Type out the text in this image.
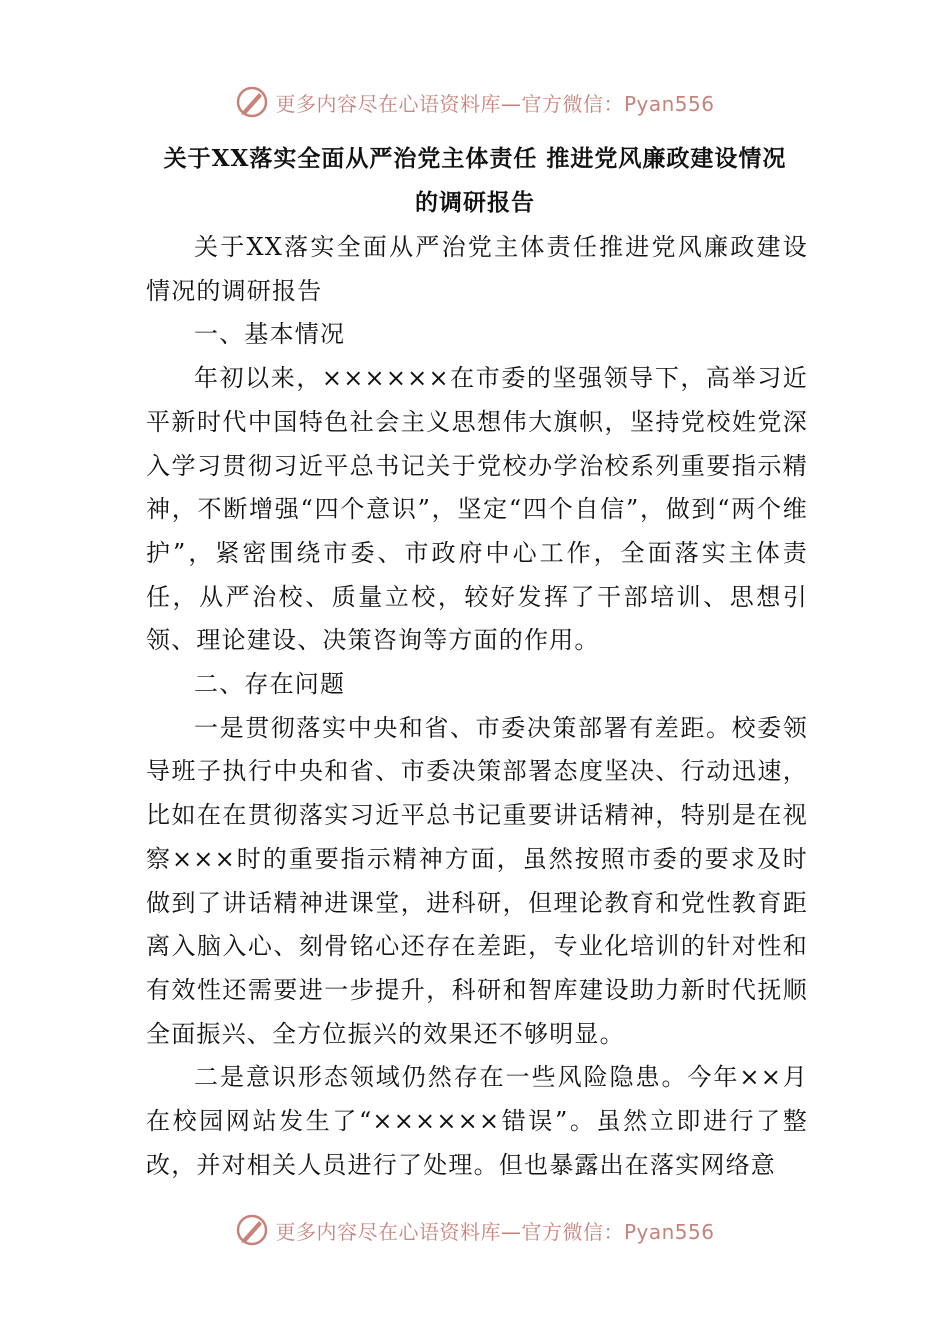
更多内容尽在心语资料库—官方微信：Pyan556
关于XX落实全面从严治党主体责任 推进党风廉政建设情况
的调研报告

关于XX落实全面从严治党主体责任推进党风廉政建设情况的调研报告

一、基本情况

年初以来，××××××在市委的坚强领导下，高举习近平新时代中国特色社会主义思想伟大旗帜，坚持党校姓党深入学习贯彻习近平总书记关于党校办学治校系列重要指示精神，不断增强“四个意识”，坚定“四个自信”，做到“两个维护”，紧密围绕市委、市政府中心工作，全面落实主体责任，从严治校、质量立校，较好发挥了干部培训、思想引领、理论建设、决策咨询等方面的作用。

二、存在问题

一是贯彻落实中央和省、市委决策部署有差距。校委领导班子执行中央和省、市委决策部署态度坚决、行动迅速，比如在在贯彻落实习近平总书记重要讲话精神，特别是在视察×××时的重要指示精神方面，虽然按照市委的要求及时做到了讲话精神进课堂，进科研，但理论教育和党性教育距离入脑入心、刻骨铭心还存在差距，专业化培训的针对性和有效性还需要进一步提升，科研和智库建设助力新时代抚顺全面振兴、全方位振兴的效果还不够明显。

二是意识形态领域仍然存在一些风险隐患。今年××月在校园网站发生了“××××××错误”。虽然立即进行了整改，并对相关人员进行了处理。但也暴露出在落实网络意

更多内容尽在心语资料库—官方微信：Pyan556
